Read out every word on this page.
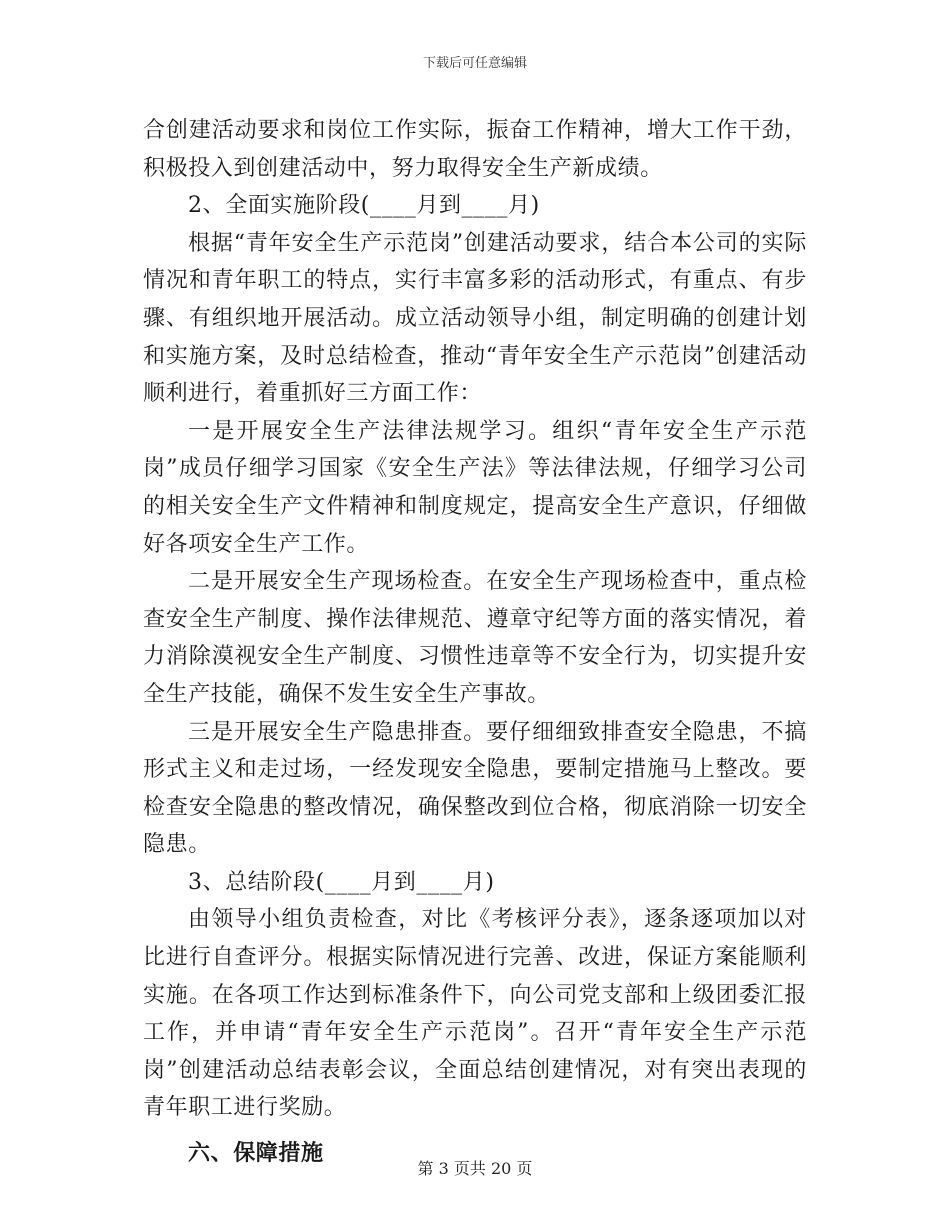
下载后可任意编辑

合创建活动要求和岗位工作实际，振奋工作精神，增大工作干劲，积极投入到创建活动中，努力取得安全生产新成绩。

2、全面实施阶段(____月到____月)

根据“青年安全生产示范岗”创建活动要求，结合本公司的实际情况和青年职工的特点，实行丰富多彩的活动形式，有重点、有步骤、有组织地开展活动。成立活动领导小组，制定明确的创建计划和实施方案，及时总结检查，推动“青年安全生产示范岗”创建活动顺利进行，着重抓好三方面工作：

一是开展安全生产法律法规学习。组织“青年安全生产示范岗”成员仔细学习国家《安全生产法》等法律法规，仔细学习公司的相关安全生产文件精神和制度规定，提高安全生产意识，仔细做好各项安全生产工作。

二是开展安全生产现场检查。在安全生产现场检查中，重点检查安全生产制度、操作法律规范、遵章守纪等方面的落实情况，着力消除漠视安全生产制度、习惯性违章等不安全行为，切实提升安全生产技能，确保不发生安全生产事故。

三是开展安全生产隐患排查。要仔细细致排查安全隐患，不搞形式主义和走过场，一经发现安全隐患，要制定措施马上整改。要检查安全隐患的整改情况，确保整改到位合格，彻底消除一切安全隐患。

3、总结阶段(____月到____月)

由领导小组负责检查，对比《考核评分表》，逐条逐项加以对比进行自查评分。根据实际情况进行完善、改进，保证方案能顺利实施。在各项工作达到标准条件下，向公司党支部和上级团委汇报工作，并申请“青年安全生产示范岗”。召开“青年安全生产示范岗”创建活动总结表彰会议，全面总结创建情况，对有突出表现的青年职工进行奖励。

六、保障措施

第 3 页共 20 页
